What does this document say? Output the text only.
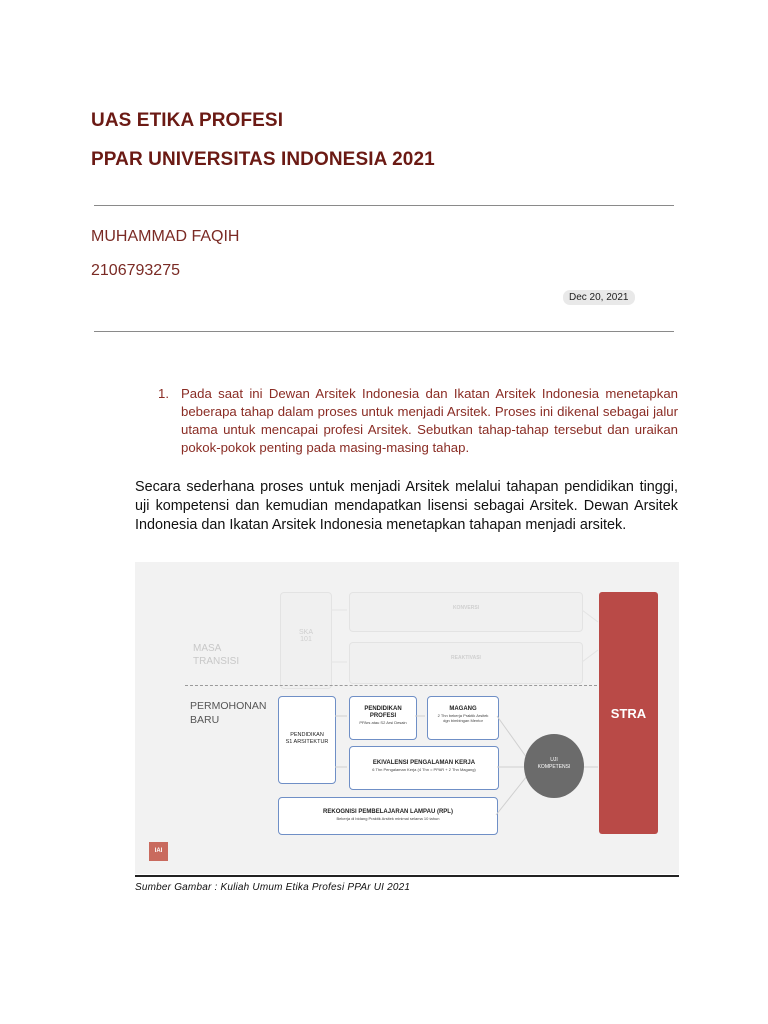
UAS ETIKA PROFESI
PPAR UNIVERSITAS INDONESIA 2021
MUHAMMAD FAQIH
2106793275
Dec 20, 2021
1. Pada saat ini Dewan Arsitek Indonesia dan Ikatan Arsitek Indonesia menetapkan beberapa tahap dalam proses untuk menjadi Arsitek. Proses ini dikenal sebagai jalur utama untuk mencapai profesi Arsitek. Sebutkan tahap-tahap tersebut dan uraikan pokok-pokok penting pada masing-masing tahap.
Secara sederhana proses untuk menjadi Arsitek melalui tahapan pendidikan tinggi, uji kompetensi dan kemudian mendapatkan lisensi sebagai Arsitek. Dewan Arsitek Indonesia dan Ikatan Arsitek Indonesia menetapkan tahapan menjadi arsitek.
SKA
101
KONVERSI
REAKTIVASI
MASA
TRANSISI
PERMOHONAN
BARU
PENDIDIKAN
S1 ARSITEKTUR
PENDIDIKAN
PROFESI
PPArs atau S2 Arsi Desain
MAGANG
2 Thn bekerja Praktik Arsitek
dgn bimbingan Mentor
EKIVALENSI PENGALAMAN KERJA
6 Thn Pengalaman Kerja (4 Thn = PPAR + 2 Thn Magang)
REKOGNISI PEMBELAJARAN LAMPAU (RPL)
Bekerja di bidang Praktik Arsitek minimal selama 10 tahun
UJI
KOMPETENSI
STRA
IAI
Sumber Gambar : Kuliah Umum Etika Profesi PPAr UI 2021
